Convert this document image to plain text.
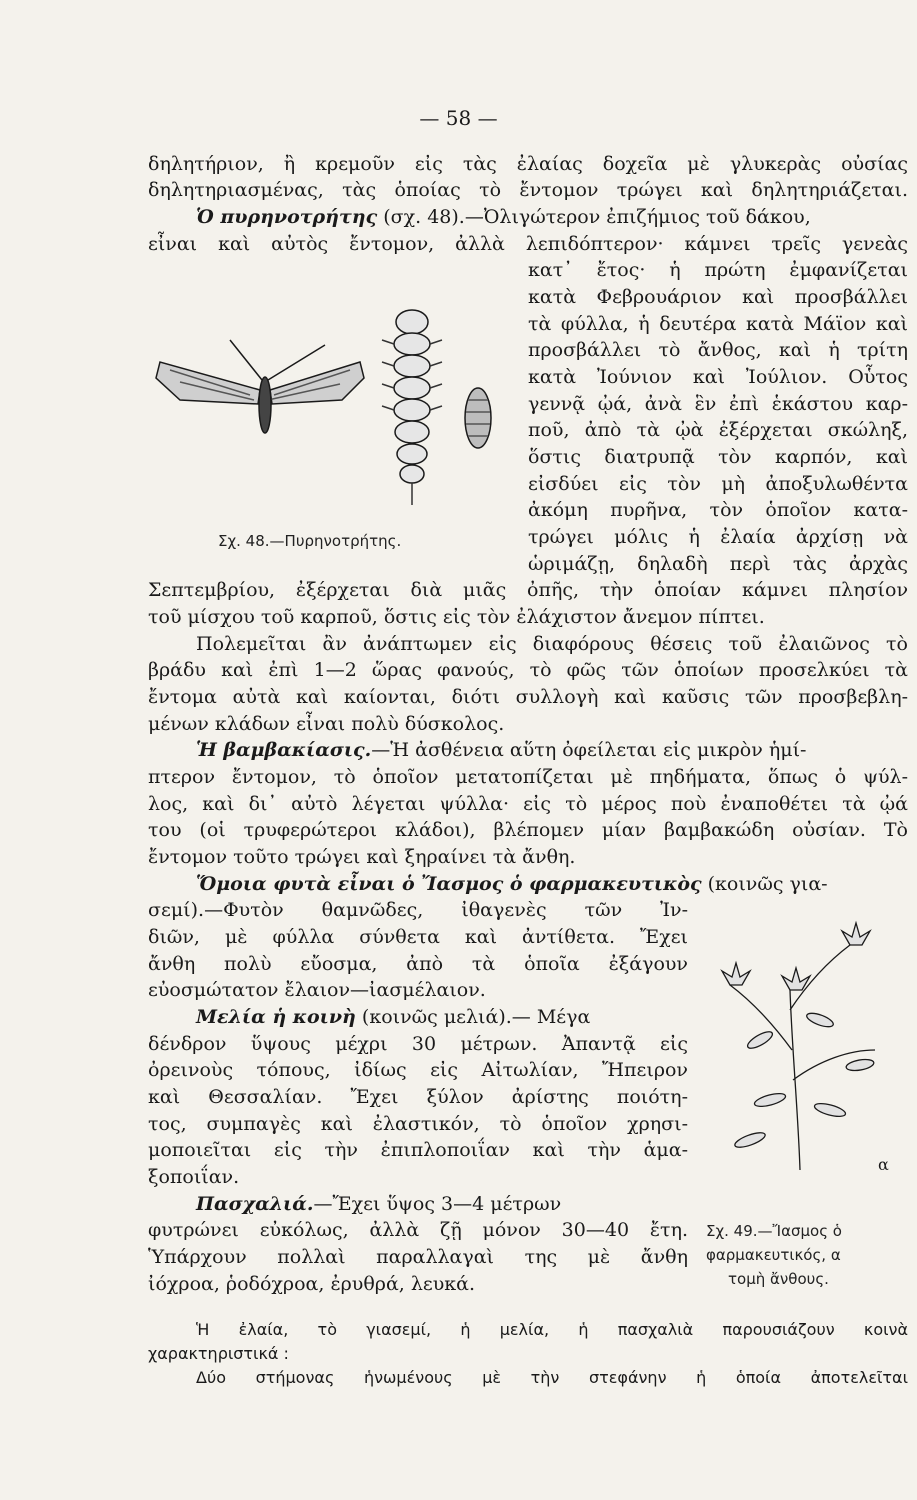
— 58 —
δηλητήριον, ἢ κρεμοῦν εἰς τὰς ἐλαίας δοχεῖα μὲ γλυκερὰς οὐσίας
δηλητηριασμένας, τὰς ὁποίας τὸ ἔντομον τρώγει καὶ δηλητηριάζεται.
Ὁ πυρηνοτρήτης (σχ. 48).—Ὀλιγώτερον ἐπιζήμιος τοῦ δάκου,
εἶναι καὶ αὐτὸς ἔντομον, ἀλλὰ λεπιδόπτερον· κάμνει τρεῖς γενεὰς
κατ᾽ ἔτος· ἡ πρώτη ἐμφανίζεται
κατὰ Φεβρουάριον καὶ προσβάλλει
τὰ φύλλα, ἡ δευτέρα κατὰ Μάϊον καὶ
προσβάλλει τὸ ἄνθος, καὶ ἡ τρίτη
κατὰ Ἰούνιον καὶ Ἰούλιον. Οὗτος
γεννᾷ ᾠά, ἀνὰ ἓν ἐπὶ ἑκάστου καρ-
ποῦ, ἀπὸ τὰ ᾠὰ ἐξέρχεται σκώληξ,
ὅστις διατρυπᾷ τὸν καρπόν, καὶ
εἰσδύει εἰς τὸν μὴ ἀποξυλωθέντα
ἀκόμη πυρῆνα, τὸν ὁποῖον κατα-
τρώγει μόλις ἡ ἐλαία ἀρχίσῃ νὰ
ὡριμάζῃ, δηλαδὴ περὶ τὰς ἀρχὰς
Σχ. 48.—Πυρηνοτρήτης.
Σεπτεμβρίου, ἐξέρχεται διὰ μιᾶς ὀπῆς, τὴν ὁποίαν κάμνει πλησίον
τοῦ μίσχου τοῦ καρποῦ, ὅστις εἰς τὸν ἐλάχιστον ἄνεμον πίπτει.
Πολεμεῖται ἂν ἀνάπτωμεν εἰς διαφόρους θέσεις τοῦ ἐλαιῶνος τὸ
βράδυ καὶ ἐπὶ 1—2 ὥρας φανούς, τὸ φῶς τῶν ὁποίων προσελκύει τὰ
ἔντομα αὐτὰ καὶ καίονται, διότι συλλογὴ καὶ καῦσις τῶν προσβεβλη-
μένων κλάδων εἶναι πολὺ δύσκολος.
Ἡ βαμβακίασις.—Ἡ ἀσθένεια αὕτη ὀφείλεται εἰς μικρὸν ἡμί-
πτερον ἔντομον, τὸ ὁποῖον μετατοπίζεται μὲ πηδήματα, ὅπως ὁ ψύλ-
λος, καὶ δι᾽ αὐτὸ λέγεται ψύλλα· εἰς τὸ μέρος ποὺ ἐναποθέτει τὰ ᾠά
του (οἱ τρυφερώτεροι κλάδοι), βλέπομεν μίαν βαμβακώδη οὐσίαν. Τὸ
ἔντομον τοῦτο τρώγει καὶ ξηραίνει τὰ ἄνθη.
Ὅμοια φυτὰ εἶναι ὁ Ἴασμος ὁ φαρμακευτικὸς (κοινῶς για-
σεμί).—Φυτὸν θαμνῶδες, ἰθαγενὲς τῶν Ἰν-
διῶν, μὲ φύλλα σύνθετα καὶ ἀντίθετα. Ἔχει
ἄνθη πολὺ εὔοσμα, ἀπὸ τὰ ὁποῖα ἐξάγουν
εὐοσμώτατον ἔλαιον—ἰασμέλαιον.
Μελία ἡ κοινὴ (κοινῶς μελιά).— Μέγα
δένδρον ὕψους μέχρι 30 μέτρων. Ἀπαντᾷ εἰς
ὀρεινοὺς τόπους, ἰδίως εἰς Αἰτωλίαν, Ἤπειρον
καὶ Θεσσαλίαν. Ἔχει ξύλον ἀρίστης ποιότη-
τος, συμπαγὲς καὶ ἐλαστικόν, τὸ ὁποῖον χρησι-
μοποιεῖται εἰς τὴν ἐπιπλοποιΐαν καὶ τὴν ἁμα-
ξοποιΐαν.
Πασχαλιά.—Ἔχει ὕψος 3—4 μέτρων
φυτρώνει εὐκόλως, ἀλλὰ ζῇ μόνον 30—40 ἔτη.
Ὑπάρχουν πολλαὶ παραλλαγαὶ της μὲ ἄνθη
ἰόχροα, ῥοδόχροα, ἐρυθρά, λευκά.
α
Σχ. 49.—Ἴασμος ὁ
φαρμακευτικός, α
τομὴ ἄνθους.
Ἡ ἐλαία, τὸ γιασεμί, ἡ μελία, ἡ πασχαλιὰ παρουσιάζουν κοινὰ
χαρακτηριστικά :
Δύο στήμονας ἡνωμένους μὲ τὴν στεφάνην ἡ ὁποία ἀποτελεῖται
